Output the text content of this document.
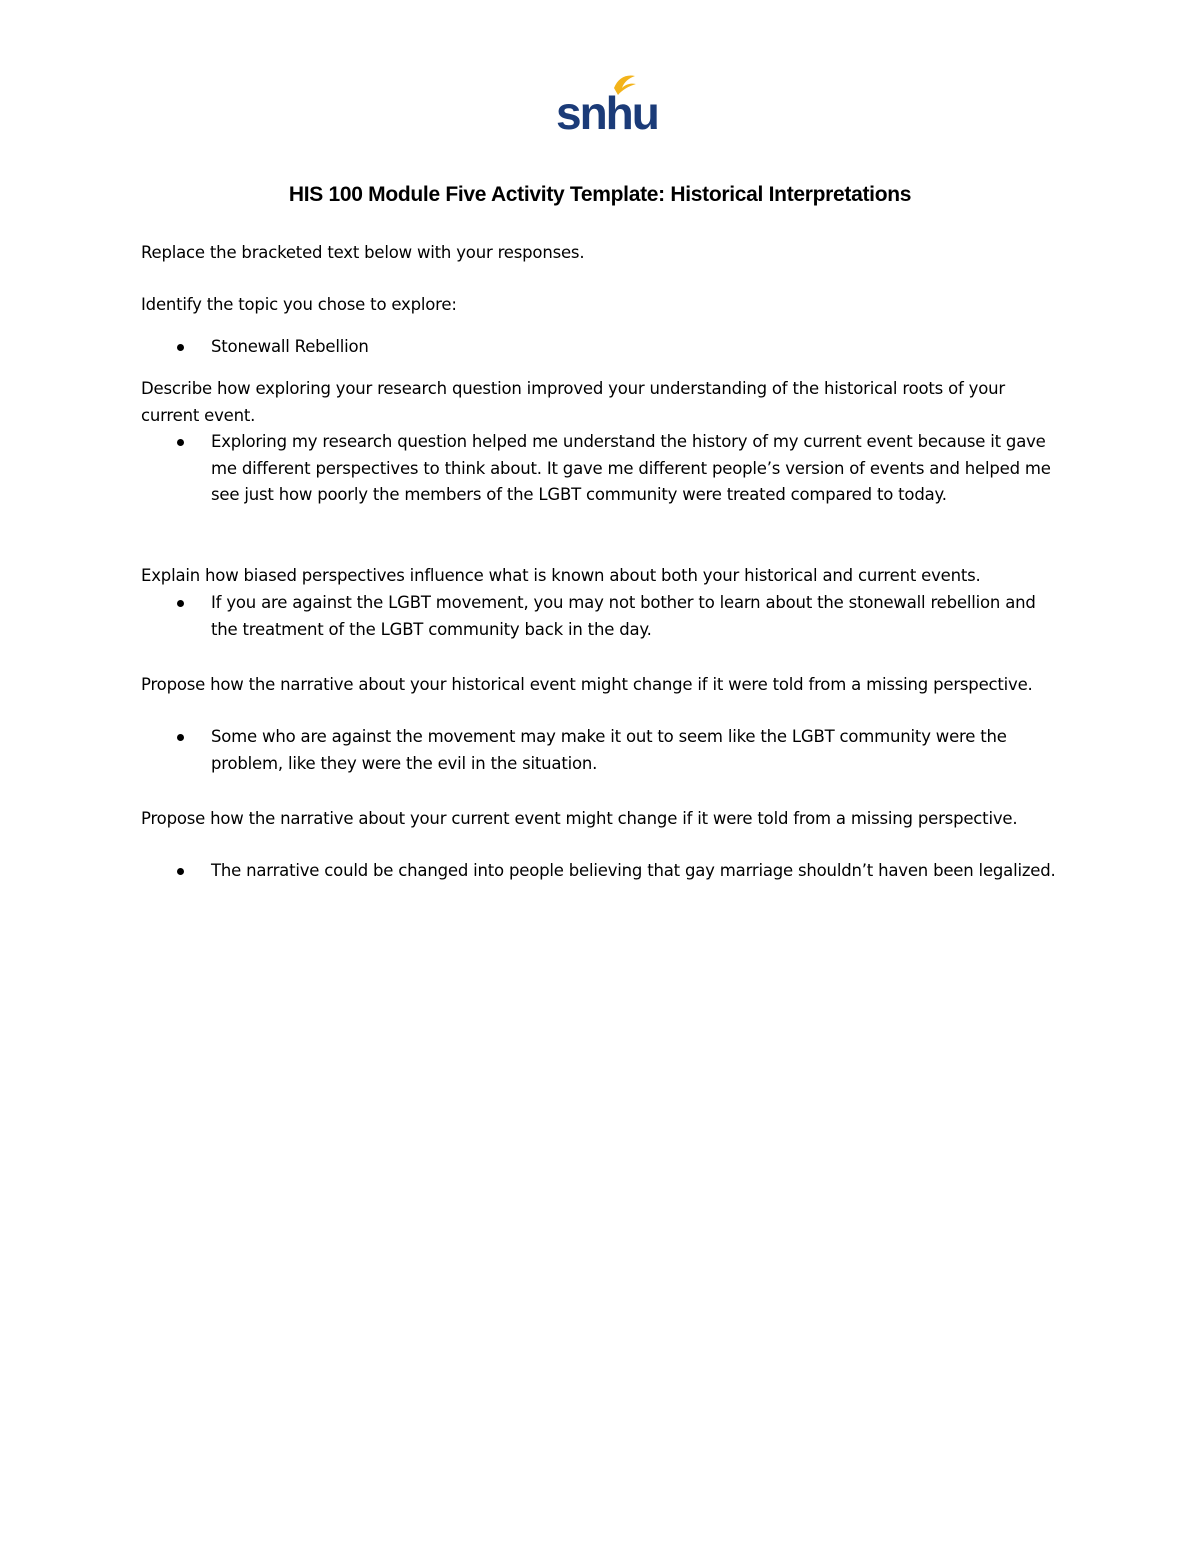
snhu
HIS 100 Module Five Activity Template: Historical Interpretations

Replace the bracketed text below with your responses.

Identify the topic you chose to explore:

Stonewall Rebellion

Describe how exploring your research question improved your understanding of the historical roots of your current event.

Exploring my research question helped me understand the history of my current event because it gave me different perspectives to think about. It gave me different people’s version of events and helped me see just how poorly the members of the LGBT community were treated compared to today.

Explain how biased perspectives influence what is known about both your historical and current events.

If you are against the LGBT movement, you may not bother to learn about the stonewall rebellion and the treatment of the LGBT community back in the day.

Propose how the narrative about your historical event might change if it were told from a missing perspective.

Some who are against the movement may make it out to seem like the LGBT community were the problem, like they were the evil in the situation.

Propose how the narrative about your current event might change if it were told from a missing perspective.

The narrative could be changed into people believing that gay marriage shouldn’t haven been legalized.
